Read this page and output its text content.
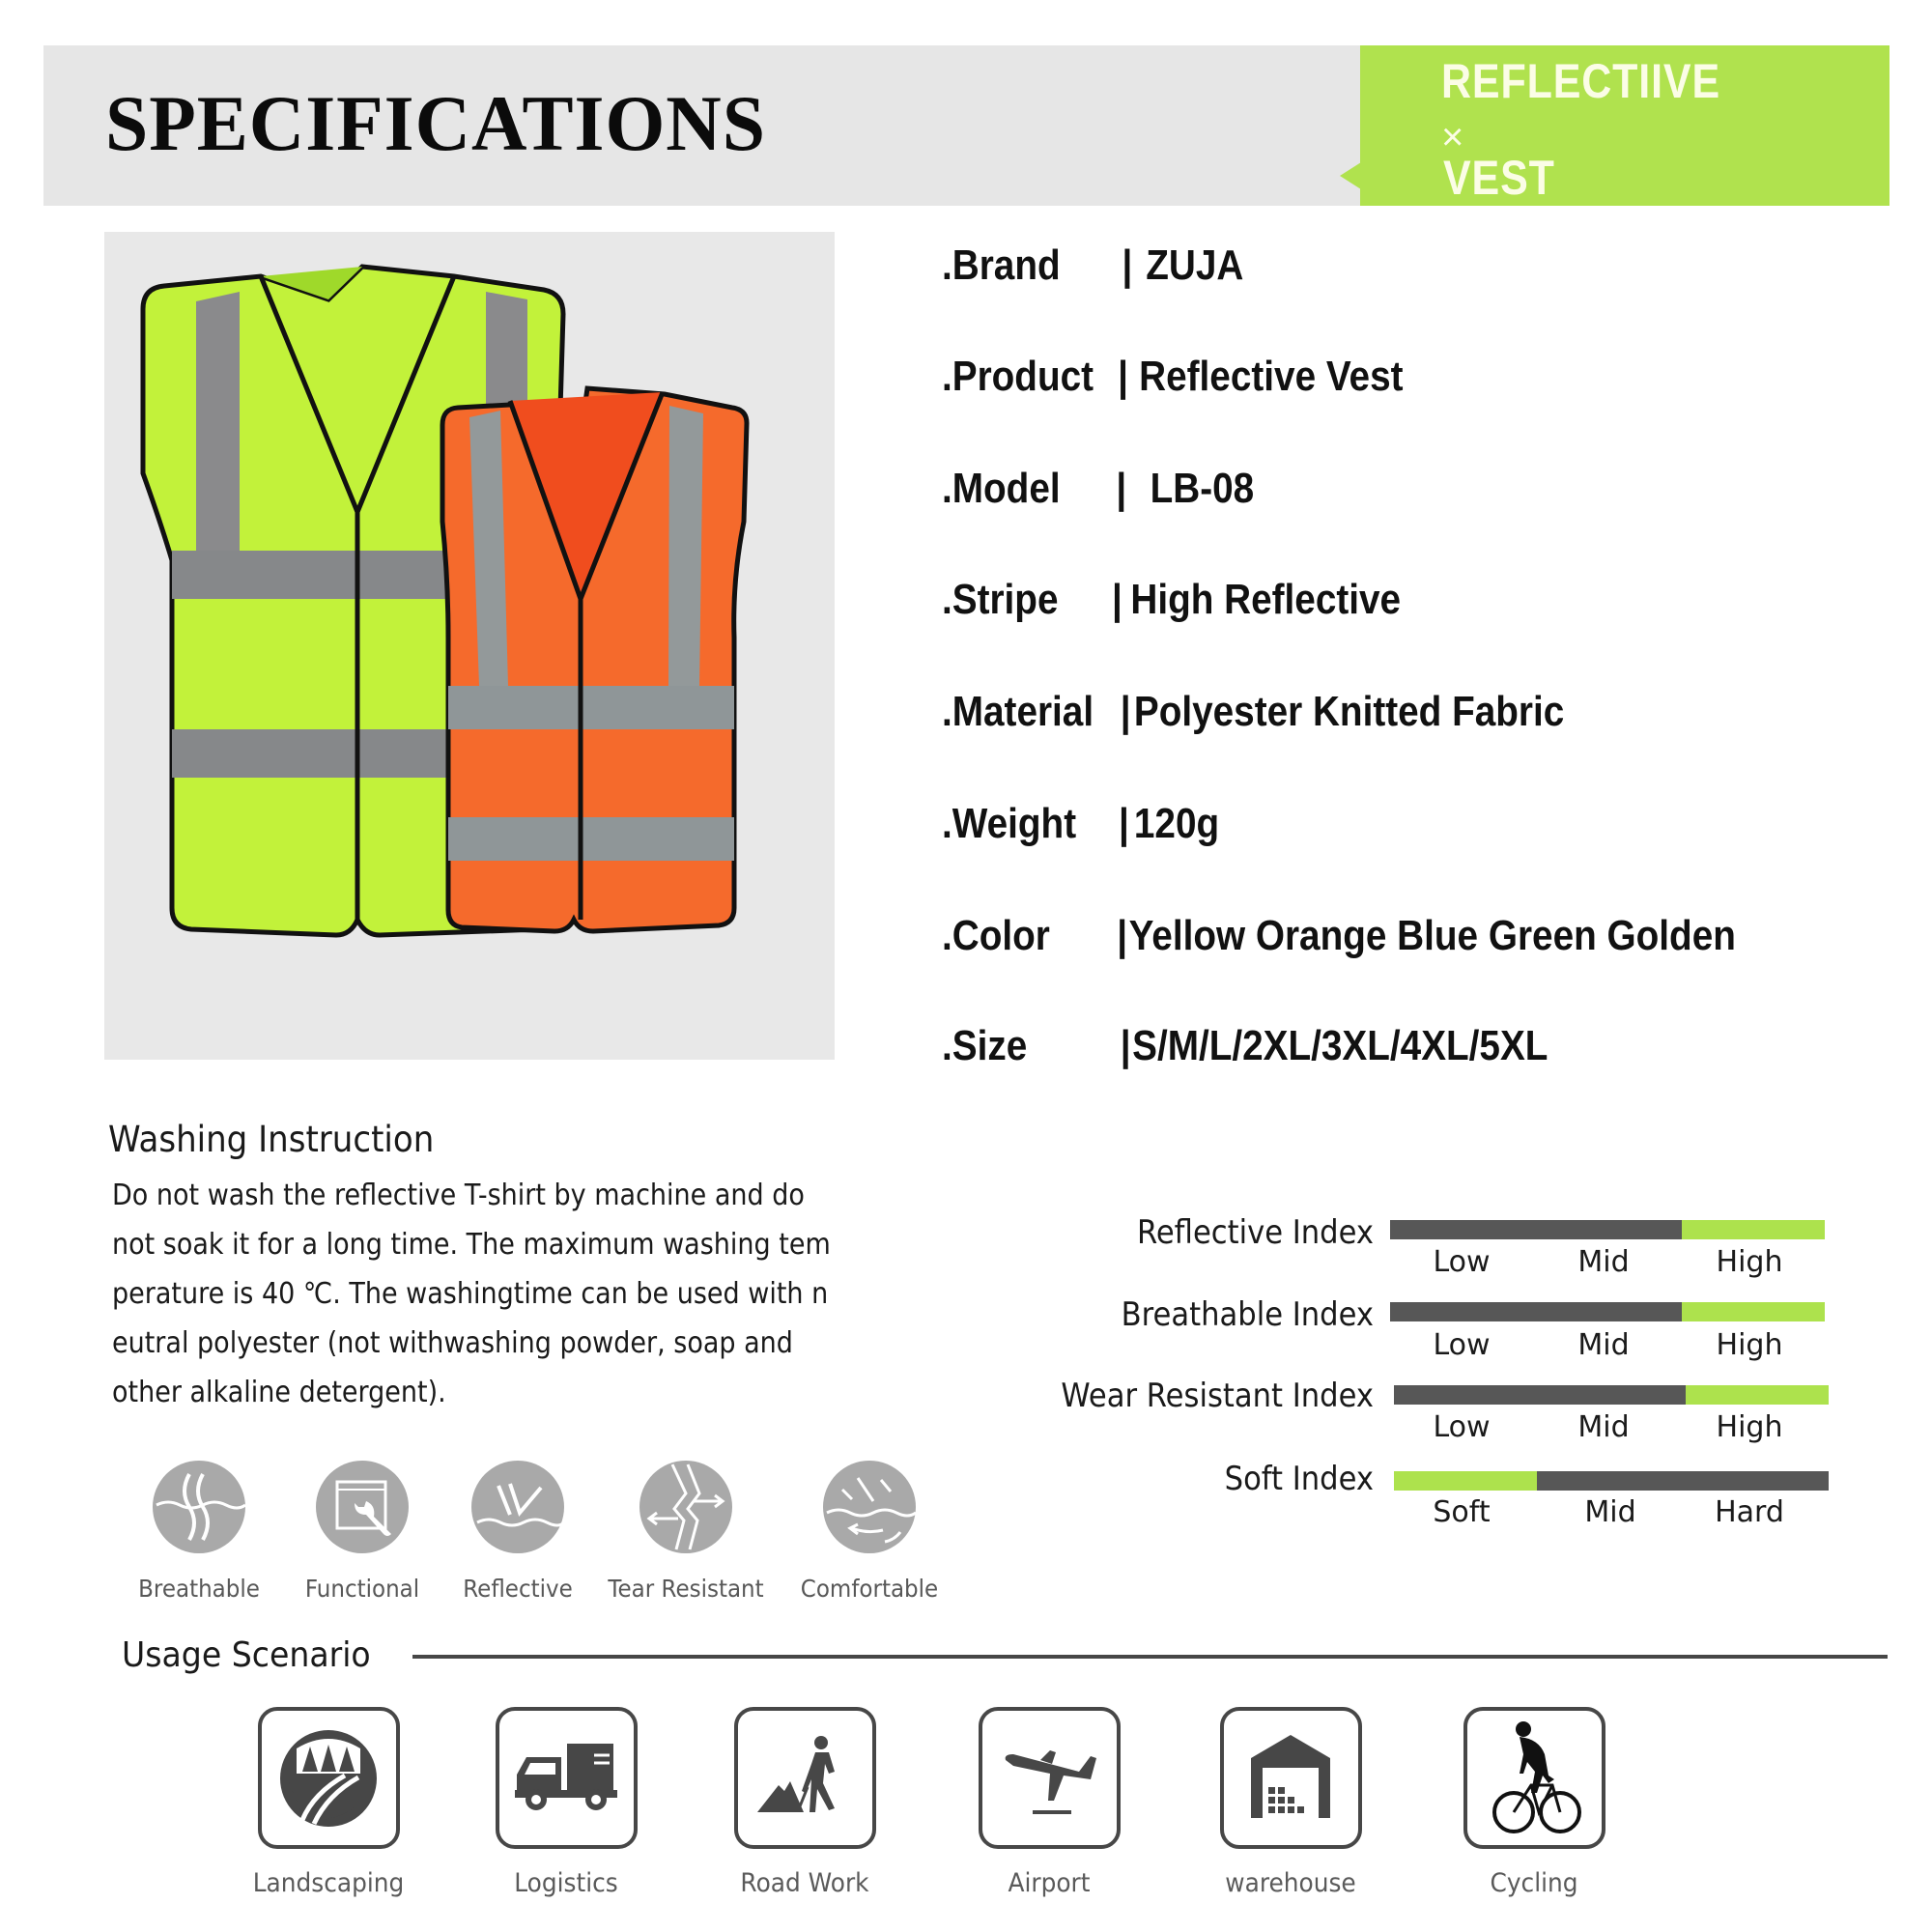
SPECIFICATIONS	REFLECTIIVE
×
VEST
.Brand | ZUJA
.Product | Reflective Vest
.Model | LB-08
.Stripe | High Reflective
.Material | Polyester Knitted Fabric
.Weight | 120g
.Color | Yellow Orange Blue Green Golden
.Size | S/M/L/2XL/3XL/4XL/5XL
Washing Instruction
Do not wash the reflective T-shirt by machine and do
not soak it for a long time. The maximum washing tem
perature is 40 ℃. The washingtime can be used with n
eutral polyester (not withwashing powder, soap and
other alkaline detergent).
Breathable	Functional	Reflective	Tear Resistant	Comfortable
Reflective Index
Low	Mid	High
Breathable Index
Low	Mid	High
Wear Resistant Index
Low	Mid	High
Soft Index
Soft	Mid	Hard
Usage Scenario
Landscaping	Logistics	Road Work	Airport	warehouse	Cycling
